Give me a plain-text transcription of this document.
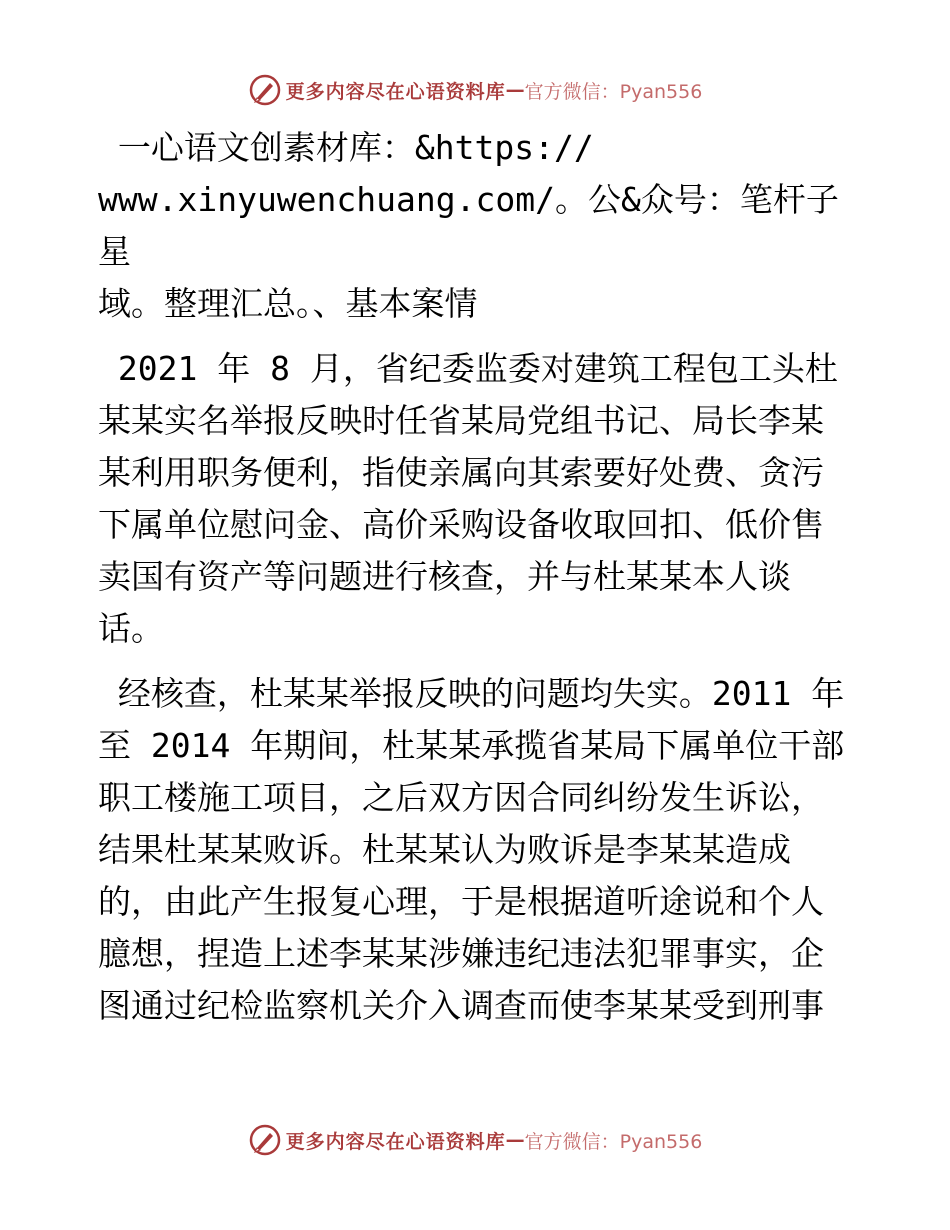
更多内容尽在心语资料库 — 官方微信：Pyan556

一心语文创素材库：&https://
www.xinyuwenchuang.com/。公&众号：笔杆子星
域。整理汇总。、基本案情

2021 年 8 月，省纪委监委对建筑工程包工头杜
某某实名举报反映时任省某局党组书记、局长李某
某利用职务便利，指使亲属向其索要好处费、贪污
下属单位慰问金、高价采购设备收取回扣、低价售
卖国有资产等问题进行核查，并与杜某某本人谈
话。

经核查，杜某某举报反映的问题均失实。2011 年
至 2014 年期间，杜某某承揽省某局下属单位干部
职工楼施工项目，之后双方因合同纠纷发生诉讼，
结果杜某某败诉。杜某某认为败诉是李某某造成
的，由此产生报复心理，于是根据道听途说和个人
臆想，捏造上述李某某涉嫌违纪违法犯罪事实，企
图通过纪检监察机关介入调查而使李某某受到刑事

更多内容尽在心语资料库 — 官方微信：Pyan556
